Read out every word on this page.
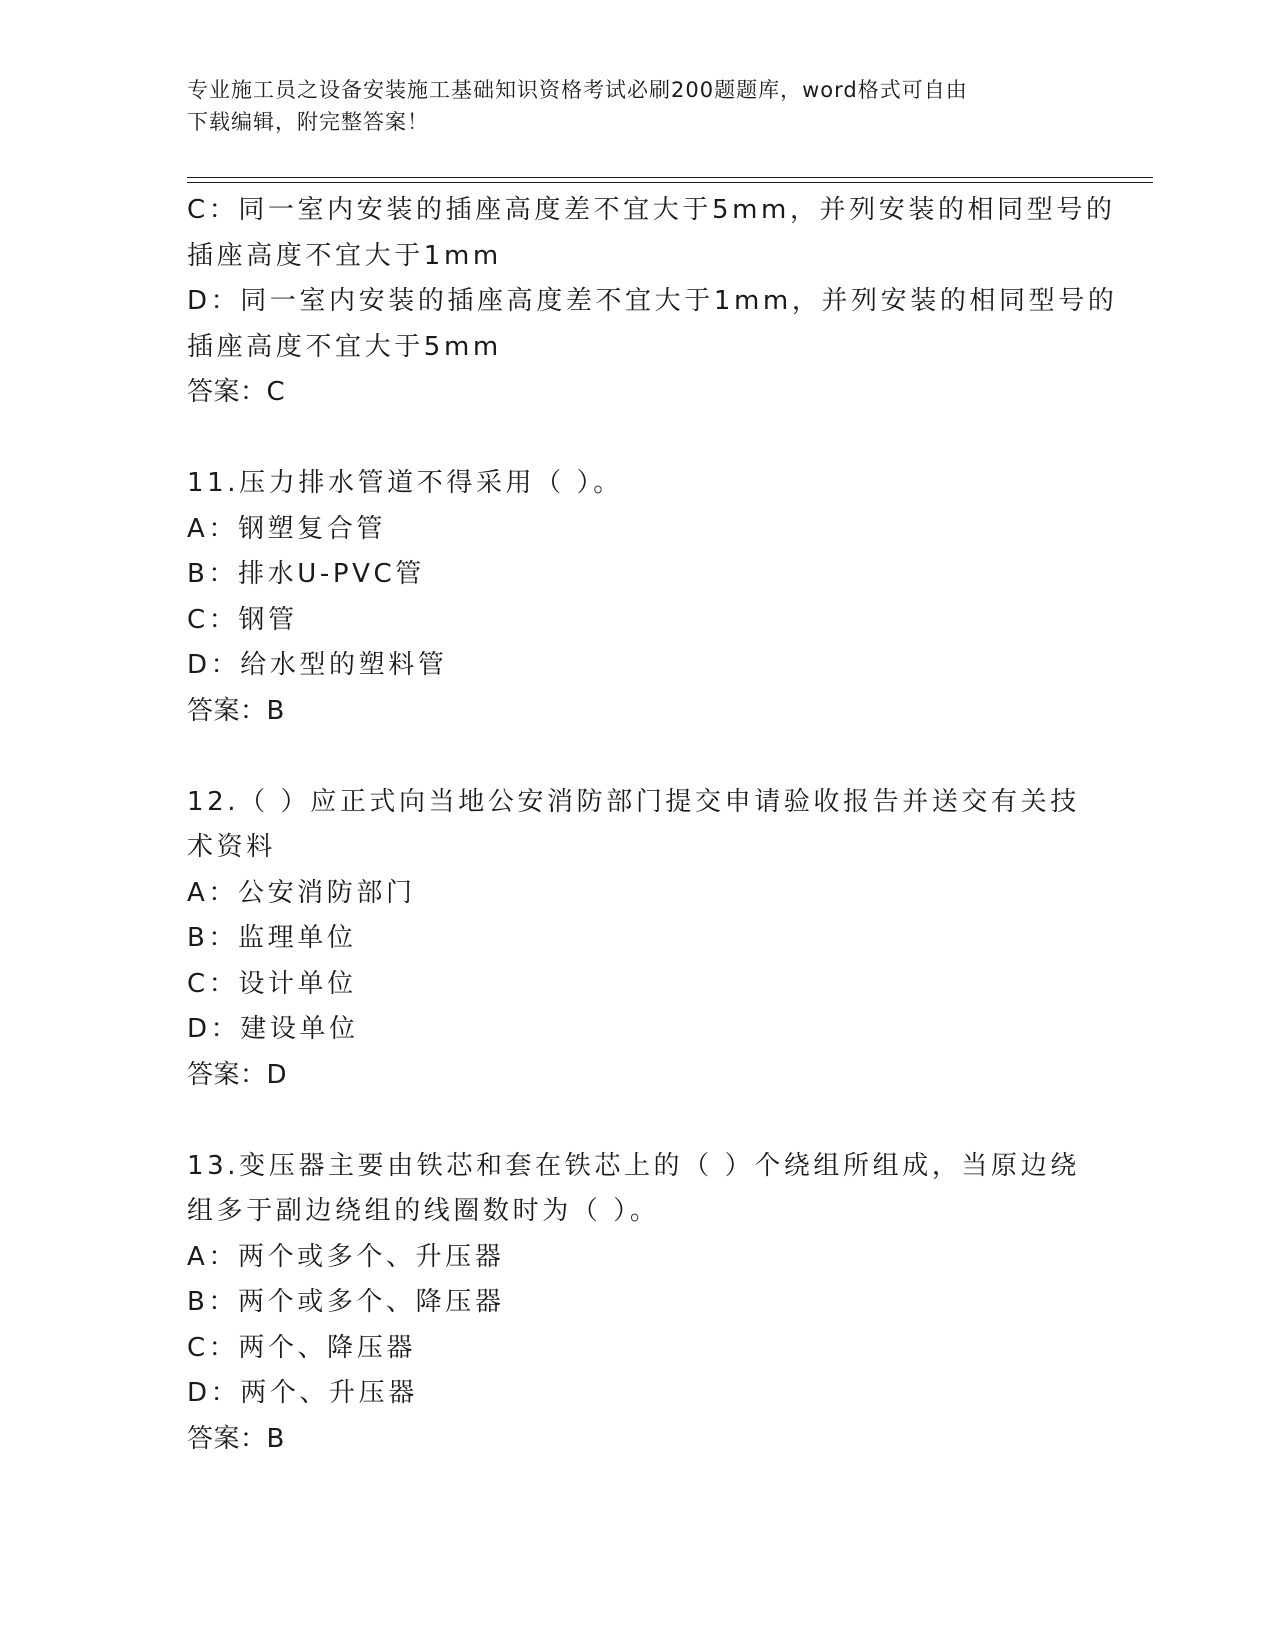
专业施工员之设备安装施工基础知识资格考试必刷200题题库，word格式可自由
下载编辑，附完整答案！
C：同一室内安装的插座高度差不宜大于5mm，并列安装的相同型号的
插座高度不宜大于1mm
D：同一室内安装的插座高度差不宜大于1mm，并列安装的相同型号的
插座高度不宜大于5mm
答案：C
11.压力排水管道不得采用（ ）。
A：钢塑复合管
B：排水U-PVC管
C：钢管
D：给水型的塑料管
答案：B
12.（ ）应正式向当地公安消防部门提交申请验收报告并送交有关技
术资料
A：公安消防部门
B：监理单位
C：设计单位
D：建设单位
答案：D
13.变压器主要由铁芯和套在铁芯上的（ ）个绕组所组成，当原边绕
组多于副边绕组的线圈数时为（ ）。
A：两个或多个、升压器
B：两个或多个、降压器
C：两个、降压器
D：两个、升压器
答案：B
